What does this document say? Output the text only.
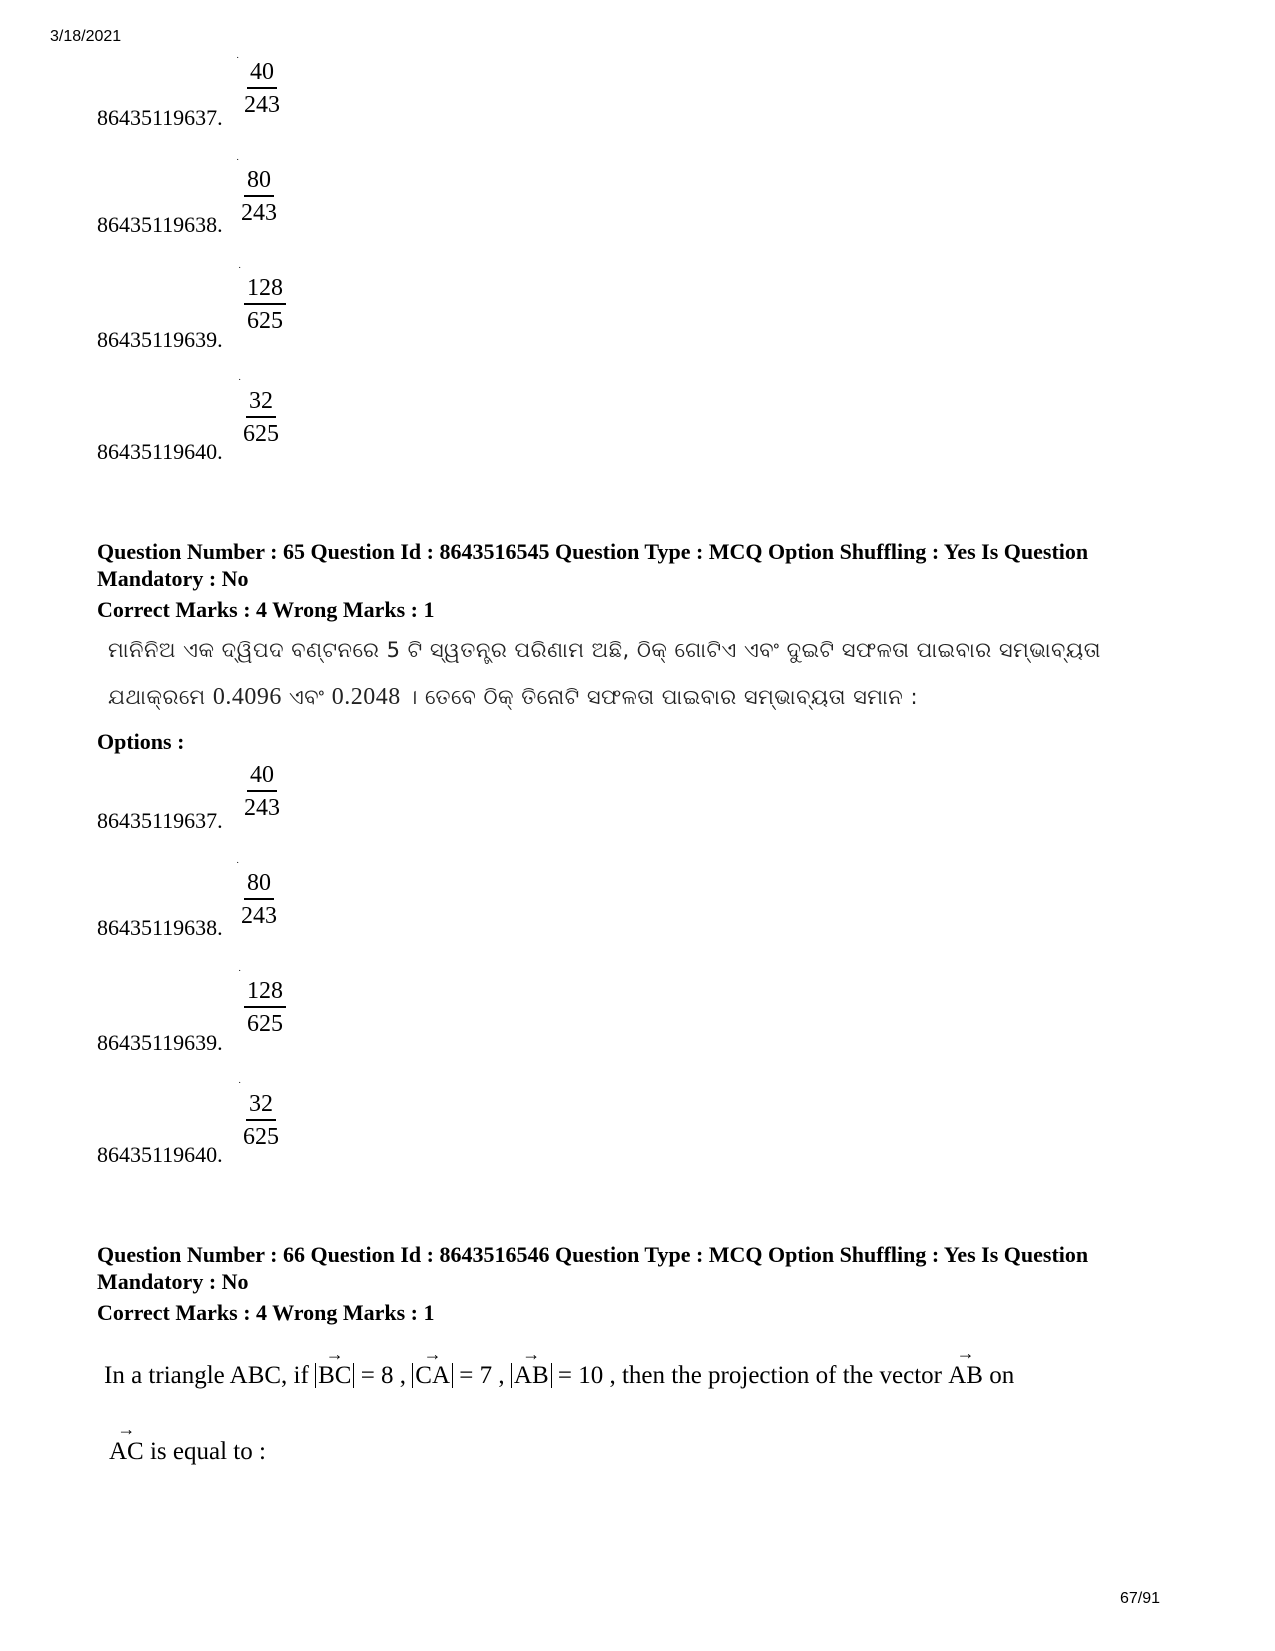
3/18/2021
˙ $\frac{40}{243}$
86435119637.
˙
$\frac{80}{243}$
86435119638.
˙
$\frac{128}{625}$
86435119639.
˙
$\frac{32}{625}$
86435119640.
Question Number : 65 Question Id : 8643516545 Question Type : MCQ Option Shuffling : Yes Is Question Mandatory : No
Correct Marks : 4 Wrong Marks : 1
ମାନିନିଅ ଏକ ଦ୍ୱିପଦ ବଣ୍ଟନରେ 5 ଟି ସ୍ୱତନ୍ତ୍ର ପରିଣାମ ଅଛି, ଠିକ୍ ଗୋଟିଏ ଏବଂ ଦୁଇଟି ସଫଳତା ପାଇବାର ସମ୍ଭାବ୍ୟତା
ଯଥାକ୍ରମେ 0.4096 ଏବଂ 0.2048 । ତେବେ ଠିକ୍ ତିନୋଟି ସଫଳତା ପାଇବାର ସମ୍ଭାବ୍ୟତା ସମାନ :
Options :
$\frac{40}{243}$
86435119637.
˙
$\frac{80}{243}$
86435119638.
˙
$\frac{128}{625}$
86435119639.
˙
$\frac{32}{625}$
86435119640.
Question Number : 66 Question Id : 8643516546 Question Type : MCQ Option Shuffling : Yes Is Question Mandatory : No
Correct Marks : 4 Wrong Marks : 1
In a triangle ABC, if
→
BC = 8 ,
→
CA = 7 ,
→
AB = 10 , then the projection of the vector
→
AB on
→
AC is equal to :
67/91
